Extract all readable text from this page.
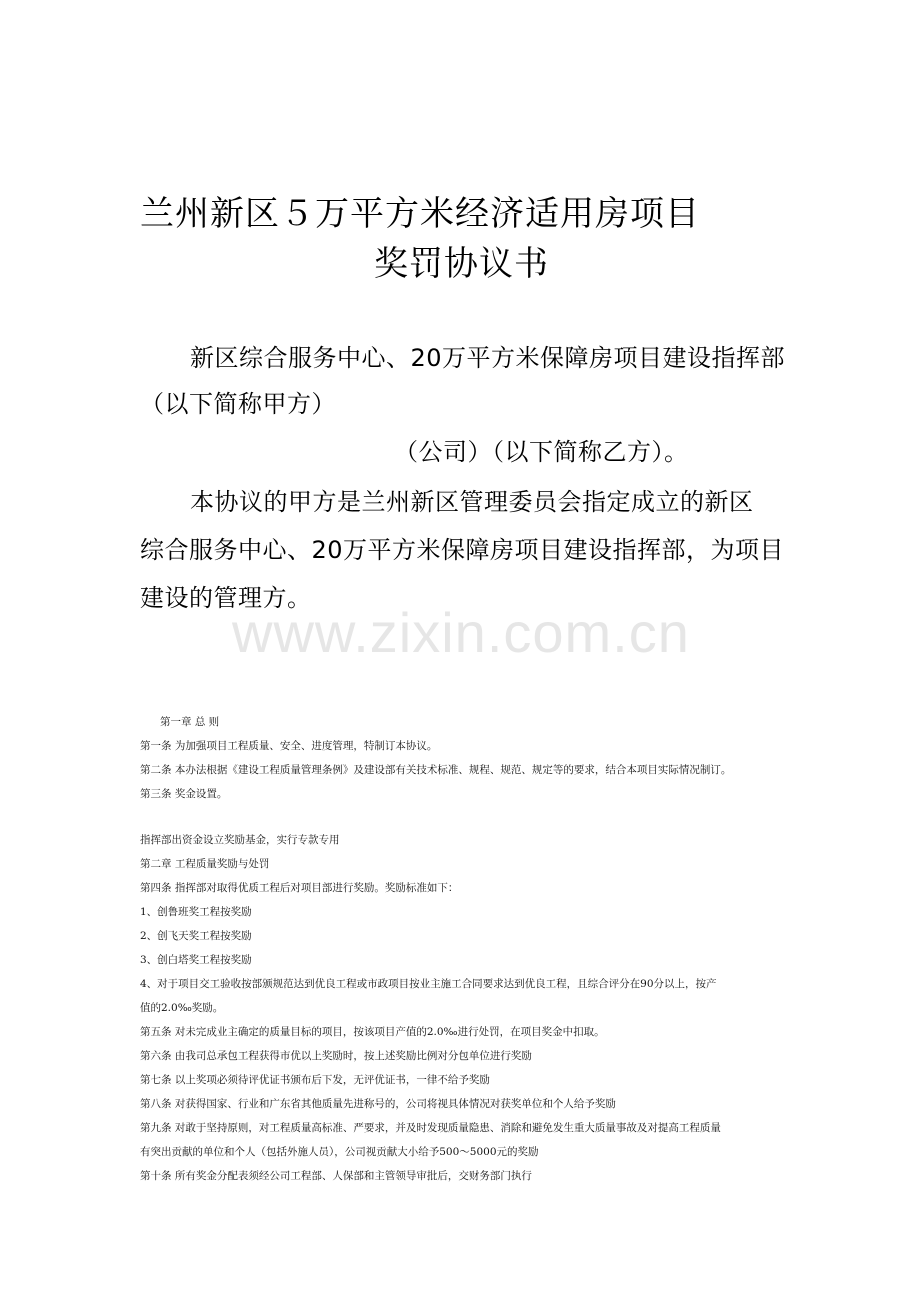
兰州新区５万平方米经济适用房项目
奖罚协议书
新区综合服务中心、20万平方米保障房项目建设指挥部
（以下简称甲方）
（公司）（以下简称乙方）。
本协议的甲方是兰州新区管理委员会指定成立的新区
综合服务中心、20万平方米保障房项目建设指挥部，为项目
建设的管理方。
www.zixin.com.cn
第一章 总 则
第一条 为加强项目工程质量、安全、进度管理，特制订本协议。
第二条 本办法根据《建设工程质量管理条例》及建设部有关技术标准、规程、规范、规定等的要求，结合本项目实际情况制订。
第三条 奖金设置。
指挥部出资金设立奖励基金，实行专款专用
第二章 工程质量奖励与处罚
第四条 指挥部对取得优质工程后对项目部进行奖励。奖励标准如下：
1、创鲁班奖工程按奖励
2、创飞天奖工程按奖励
3、创白塔奖工程按奖励
4、对于项目交工验收按部颁规范达到优良工程或市政项目按业主施工合同要求达到优良工程，且综合评分在90分以上，按产
值的2.0‰奖励。
第五条 对未完成业主确定的质量目标的项目，按该项目产值的2.0‰进行处罚，在项目奖金中扣取。
第六条 由我司总承包工程获得市优以上奖励时，按上述奖励比例对分包单位进行奖励
第七条 以上奖项必须待评优证书颁布后下发，无评优证书，一律不给予奖励
第八条 对获得国家、行业和广东省其他质量先进称号的，公司将视具体情况对获奖单位和个人给予奖励
第九条 对敢于坚持原则，对工程质量高标准、严要求，并及时发现质量隐患、消除和避免发生重大质量事故及对提高工程质量
有突出贡献的单位和个人（包括外施人员），公司视贡献大小给予500～5000元的奖励
第十条 所有奖金分配表须经公司工程部、人保部和主管领导审批后，交财务部门执行
